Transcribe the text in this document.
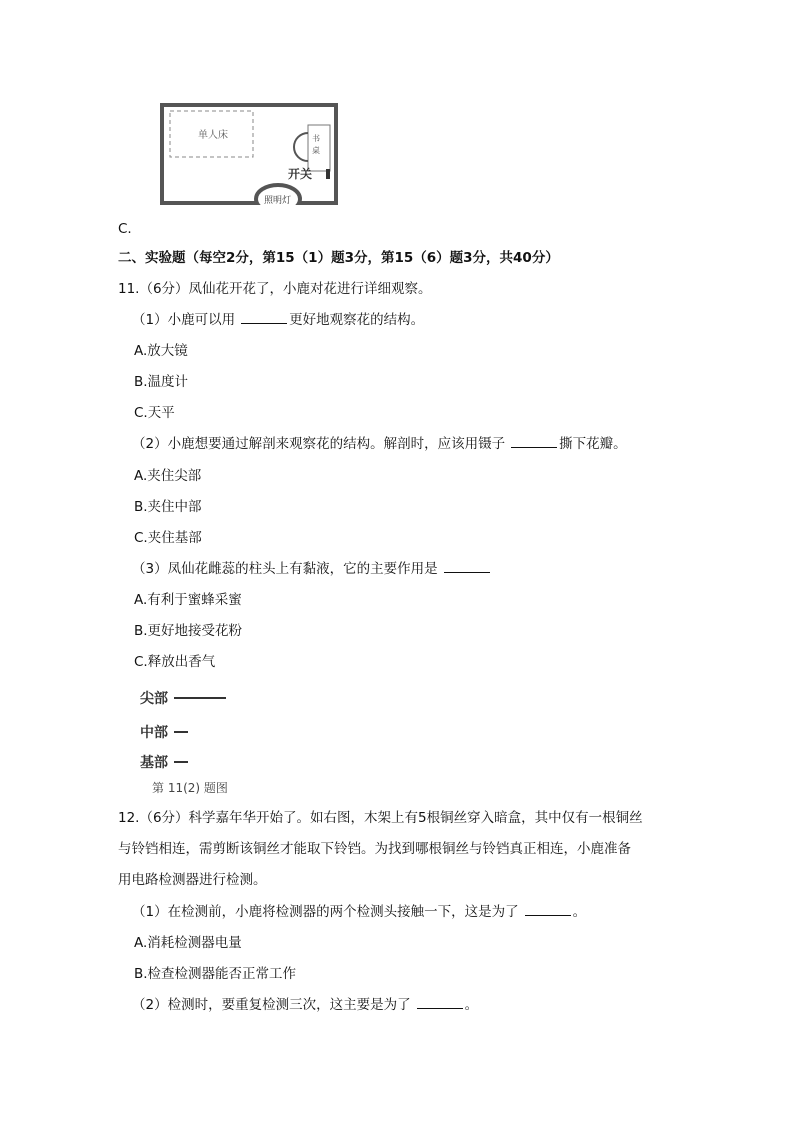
单人床	书
桌
开关
照明灯
C.
二、实验题（每空2分，第15（1）题3分，第15（6）题3分，共40分）
11.（6分）凤仙花开花了，小鹿对花进行详细观察。
（1）小鹿可以用	更好地观察花的结构。
A.放大镜
B.温度计
C.天平
（2）小鹿想要通过解剖来观察花的结构。解剖时，应该用镊子	撕下花瓣。
A.夹住尖部
B.夹住中部
C.夹住基部
（3）凤仙花雌蕊的柱头上有黏液，它的主要作用是
A.有利于蜜蜂采蜜
B.更好地接受花粉
C.释放出香气
尖部
中部
基部
第 11(2) 题图
12.（6分）科学嘉年华开始了。如右图，木架上有5根铜丝穿入暗盒，其中仅有一根铜丝
与铃铛相连，需剪断该铜丝才能取下铃铛。为找到哪根铜丝与铃铛真正相连，小鹿准备
用电路检测器进行检测。
（1）在检测前，小鹿将检测器的两个检测头接触一下，这是为了	。
A.消耗检测器电量
B.检查检测器能否正常工作
（2）检测时，要重复检测三次，这主要是为了	。
